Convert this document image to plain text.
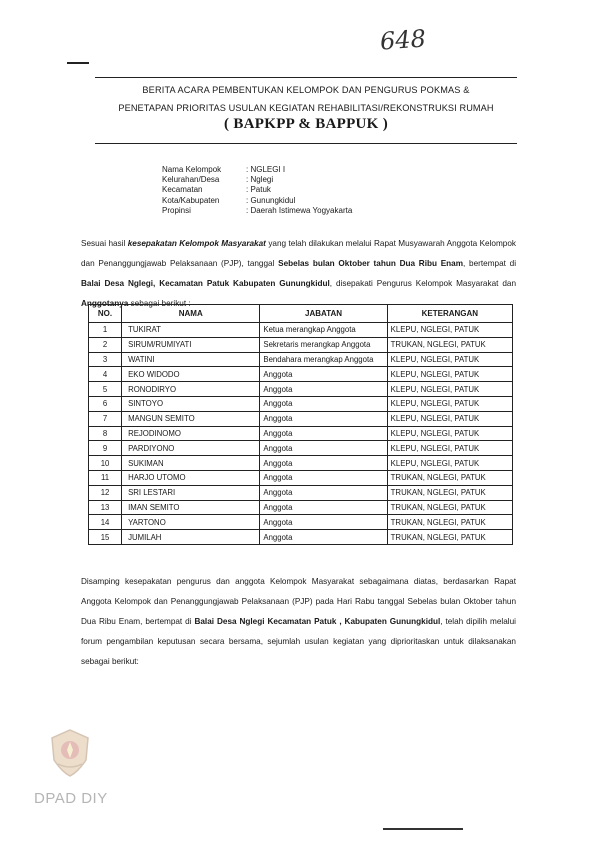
648
BERITA ACARA PEMBENTUKAN KELOMPOK DAN PENGURUS POKMAS &
PENETAPAN PRIORITAS USULAN KEGIATAN REHABILITASI/REKONSTRUKSI RUMAH
( BAPKPP & BAPPUK )
Nama Kelompok	: NGLEGI I
Kelurahan/Desa	: Nglegi
Kecamatan	: Patuk
Kota/Kabupaten	: Gunungkidul
Propinsi	: Daerah Istimewa Yogyakarta
Sesuai hasil kesepakatan Kelompok Masyarakat yang telah dilakukan melalui Rapat Musyawarah Anggota Kelompok dan Penanggungjawab Pelaksanaan (PJP), tanggal Sebelas bulan Oktober tahun Dua Ribu Enam, bertempat di Balai Desa Nglegi, Kecamatan Patuk Kabupaten Gunungkidul, disepakati Pengurus Kelompok Masyarakat dan Anggotanya sebagai berikut :
NO.	NAMA	JABATAN	KETERANGAN
1	TUKIRAT	Ketua merangkap Anggota	KLEPU, NGLEGI, PATUK
2	SIRUM/RUMIYATI	Sekretaris merangkap Anggota	TRUKAN, NGLEGI, PATUK
3	WATINI	Bendahara merangkap Anggota	KLEPU, NGLEGI, PATUK
4	EKO WIDODO	Anggota	KLEPU, NGLEGI, PATUK
5	RONODIRYO	Anggota	KLEPU, NGLEGI, PATUK
6	SINTOYO	Anggota	KLEPU, NGLEGI, PATUK
7	MANGUN SEMITO	Anggota	KLEPU, NGLEGI, PATUK
8	REJODINOMO	Anggota	KLEPU, NGLEGI, PATUK
9	PARDIYONO	Anggota	KLEPU, NGLEGI, PATUK
10	SUKIMAN	Anggota	KLEPU, NGLEGI, PATUK
11	HARJO UTOMO	Anggota	TRUKAN, NGLEGI, PATUK
12	SRI LESTARI	Anggota	TRUKAN, NGLEGI, PATUK
13	IMAN SEMITO	Anggota	TRUKAN, NGLEGI, PATUK
14	YARTONO	Anggota	TRUKAN, NGLEGI, PATUK
15	JUMILAH	Anggota	TRUKAN, NGLEGI, PATUK
Disamping kesepakatan pengurus dan anggota Kelompok Masyarakat sebagaimana diatas, berdasarkan Rapat Anggota Kelompok dan Penanggungjawab Pelaksanaan (PJP) pada Hari Rabu tanggal Sebelas bulan Oktober tahun Dua Ribu Enam, bertempat di Balai Desa Nglegi Kecamatan Patuk , Kabupaten Gunungkidul, telah dipilih melalui forum pengambilan keputusan secara bersama, sejumlah usulan kegiatan yang diprioritaskan untuk dilaksanakan sebagai berikut:
DPAD DIY
